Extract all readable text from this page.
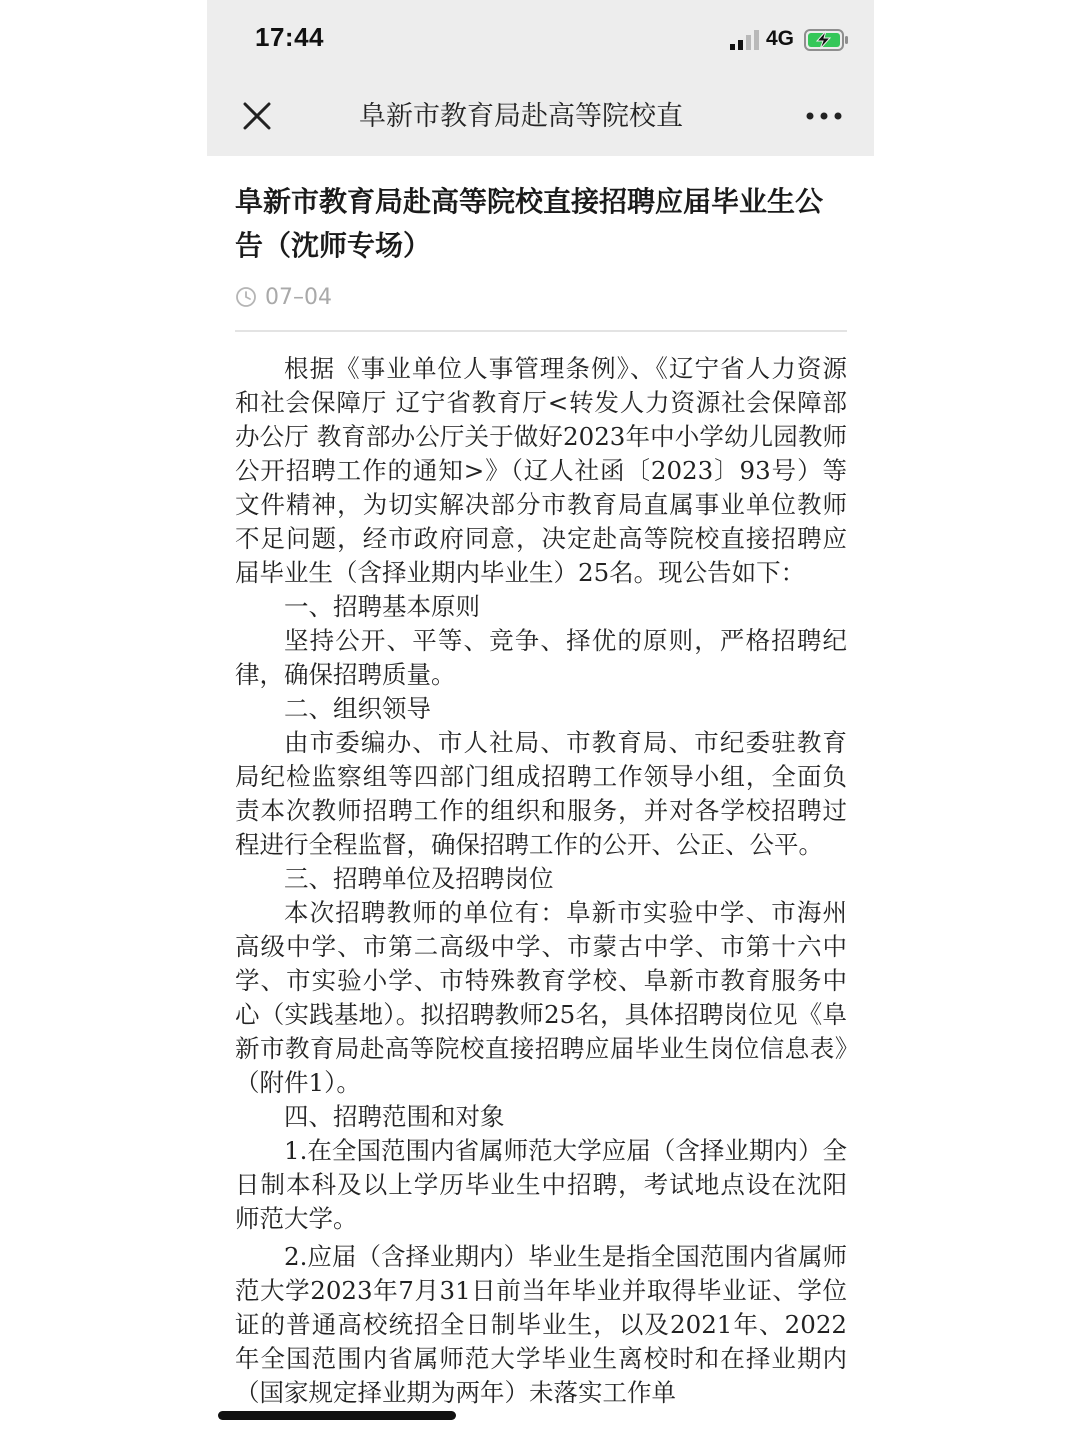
17:44	4G
阜新市教育局赴高等院校直
阜新市教育局赴高等院校直接招聘应届毕业生公告（沈师专场）
07–04

根据《事业单位人事管理条例》、《辽宁省人力资源和社会保障厅 辽宁省教育厅<转发人力资源社会保障部办公厅 教育部办公厅关于做好2023年中小学幼儿园教师公开招聘工作的通知>》（辽人社函〔2023〕93号）等文件精神，为切实解决部分市教育局直属事业单位教师不足问题，经市政府同意，决定赴高等院校直接招聘应届毕业生（含择业期内毕业生）25名。现公告如下：

一、招聘基本原则

坚持公开、平等、竞争、择优的原则，严格招聘纪律，确保招聘质量。

二、组织领导

由市委编办、市人社局、市教育局、市纪委驻教育局纪检监察组等四部门组成招聘工作领导小组，全面负责本次教师招聘工作的组织和服务，并对各学校招聘过程进行全程监督，确保招聘工作的公开、公正、公平。

三、招聘单位及招聘岗位

本次招聘教师的单位有：阜新市实验中学、市海州高级中学、市第二高级中学、市蒙古中学、市第十六中学、市实验小学、市特殊教育学校、阜新市教育服务中心（实践基地）。拟招聘教师25名，具体招聘岗位见《阜新市教育局赴高等院校直接招聘应届毕业生岗位信息表》（附件1）。

四、招聘范围和对象

1.在全国范围内省属师范大学应届（含择业期内）全日制本科及以上学历毕业生中招聘，考试地点设在沈阳师范大学。

2.应届（含择业期内）毕业生是指全国范围内省属师范大学2023年7月31日前当年毕业并取得毕业证、学位证的普通高校统招全日制毕业生，以及2021年、2022年全国范围内省属师范大学毕业生离校时和在择业期内（国家规定择业期为两年）未落实工作单
